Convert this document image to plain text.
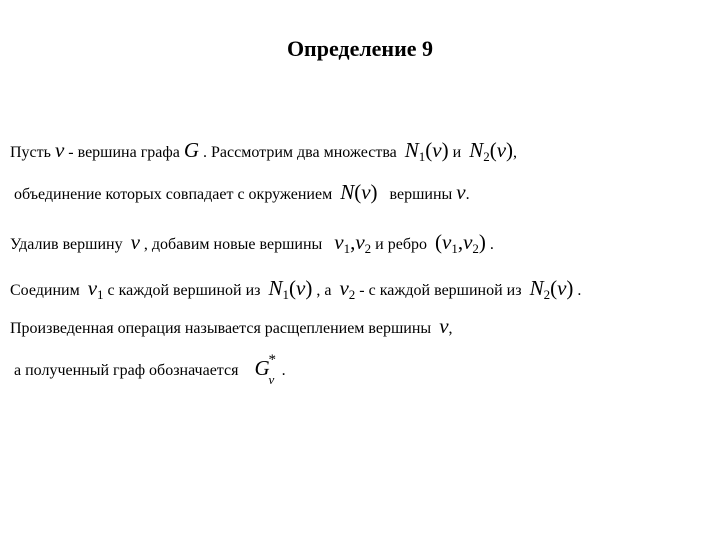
Определение 9
Пусть v - вершина графа G . Рассмотрим два множества $N_1(v)$ и $N_2(v)$,
объединение которых совпадает с окружением N(v) вершины v.
Удалив вершину v , добавим новые вершины $v_1,v_2$ и ребро $(v_1,v_2)$ .
Соединим $v_1$ с каждой вершиной из $N_1(v)$ , а $v_2$ - с каждой вершиной из $N_2(v)$ .
Произведенная операция называется расщеплением вершины v,
а полученный граф обозначается G
*
v
.
